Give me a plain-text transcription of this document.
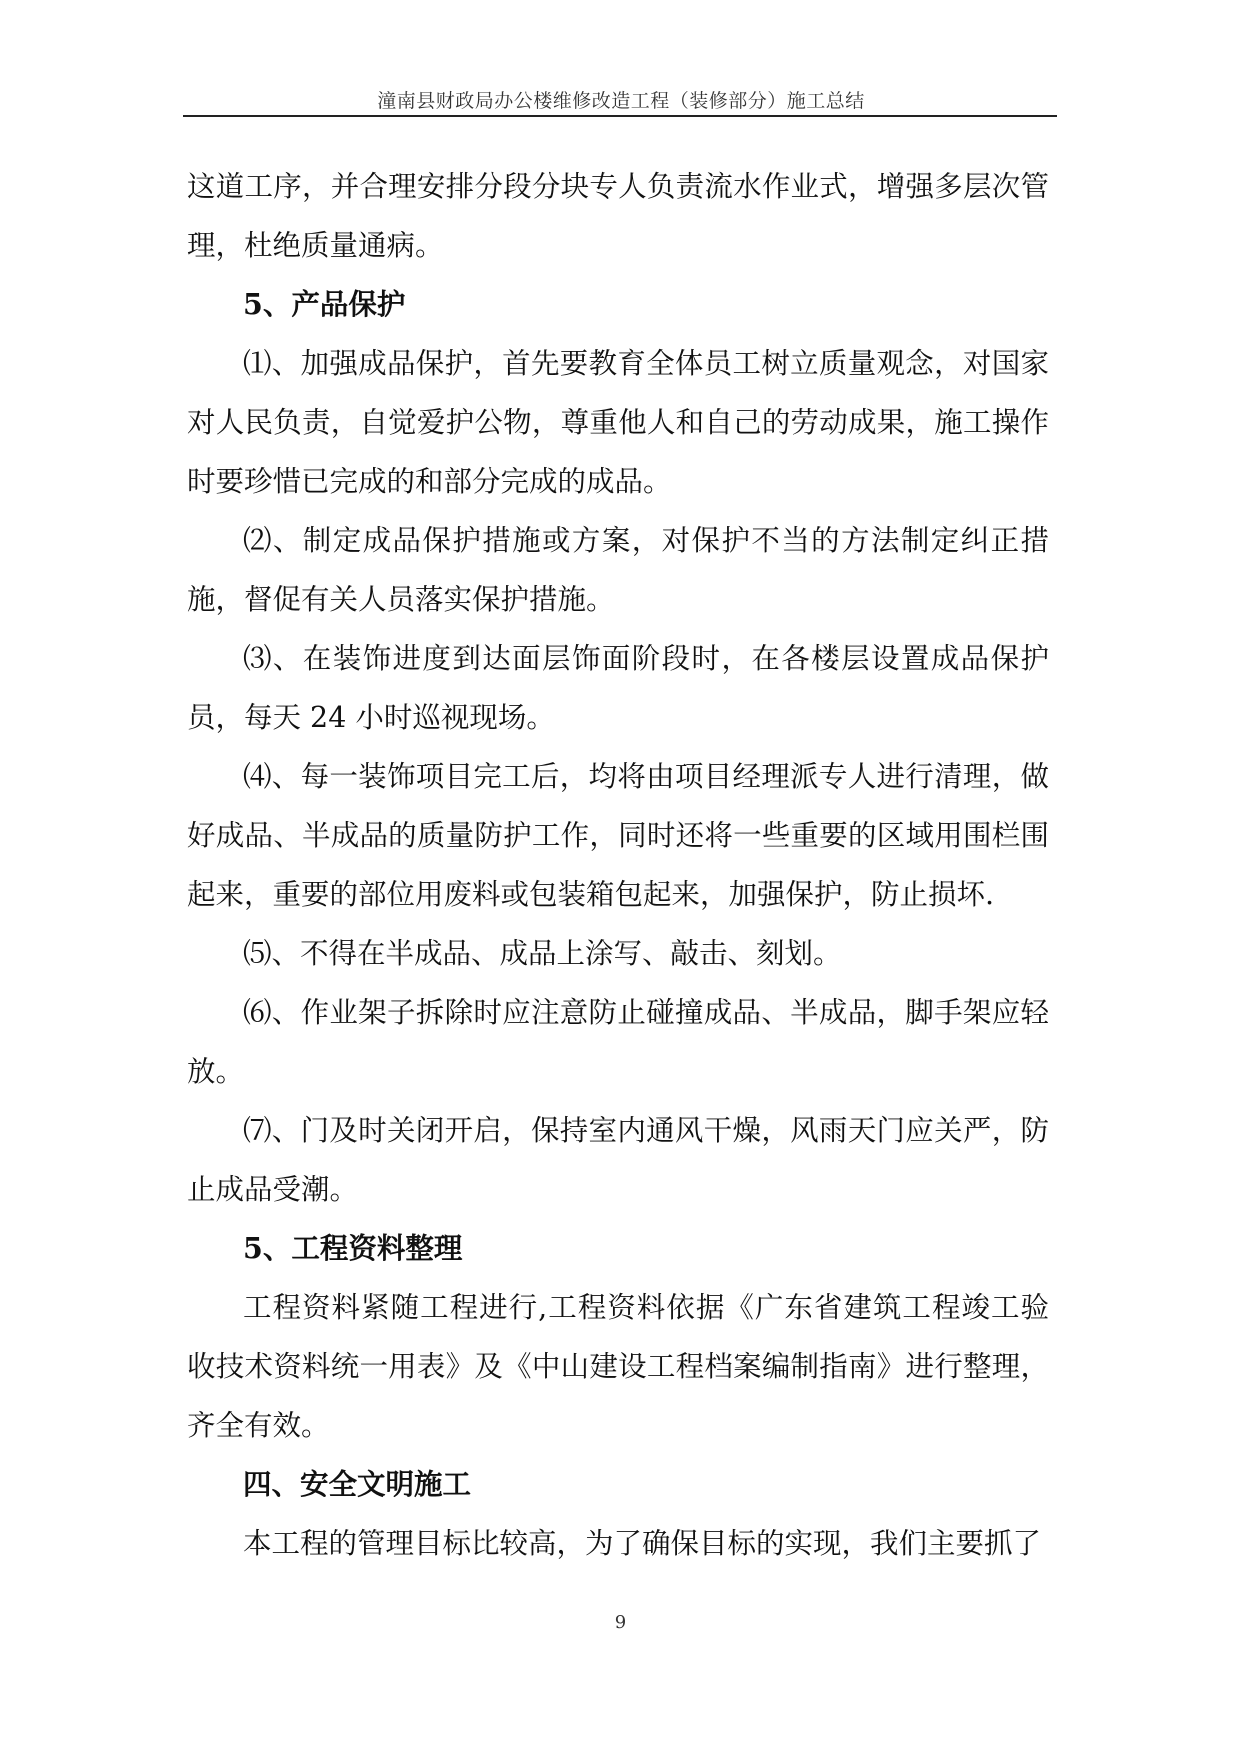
潼南县财政局办公楼维修改造工程（装修部分）施工总结

这道工序，并合理安排分段分块专人负责流水作业式，增强多层次管理，杜绝质量通病。

5、产品保护

⑴、加强成品保护，首先要教育全体员工树立质量观念，对国家对人民负责，自觉爱护公物，尊重他人和自己的劳动成果，施工操作时要珍惜已完成的和部分完成的成品。

⑵、制定成品保护措施或方案，对保护不当的方法制定纠正措施，督促有关人员落实保护措施。

⑶、在装饰进度到达面层饰面阶段时，在各楼层设置成品保护员，每天 24 小时巡视现场。

⑷、每一装饰项目完工后，均将由项目经理派专人进行清理，做好成品、半成品的质量防护工作，同时还将一些重要的区域用围栏围起来，重要的部位用废料或包装箱包起来，加强保护，防止损坏.

⑸、不得在半成品、成品上涂写、敲击、刻划。

⑹、作业架子拆除时应注意防止碰撞成品、半成品，脚手架应轻放。

⑺、门及时关闭开启，保持室内通风干燥，风雨天门应关严，防止成品受潮。

5、工程资料整理

工程资料紧随工程进行,工程资料依据《广东省建筑工程竣工验收技术资料统一用表》及《中山建设工程档案编制指南》进行整理，齐全有效。

四、安全文明施工

本工程的管理目标比较高，为了确保目标的实现，我们主要抓了

9
